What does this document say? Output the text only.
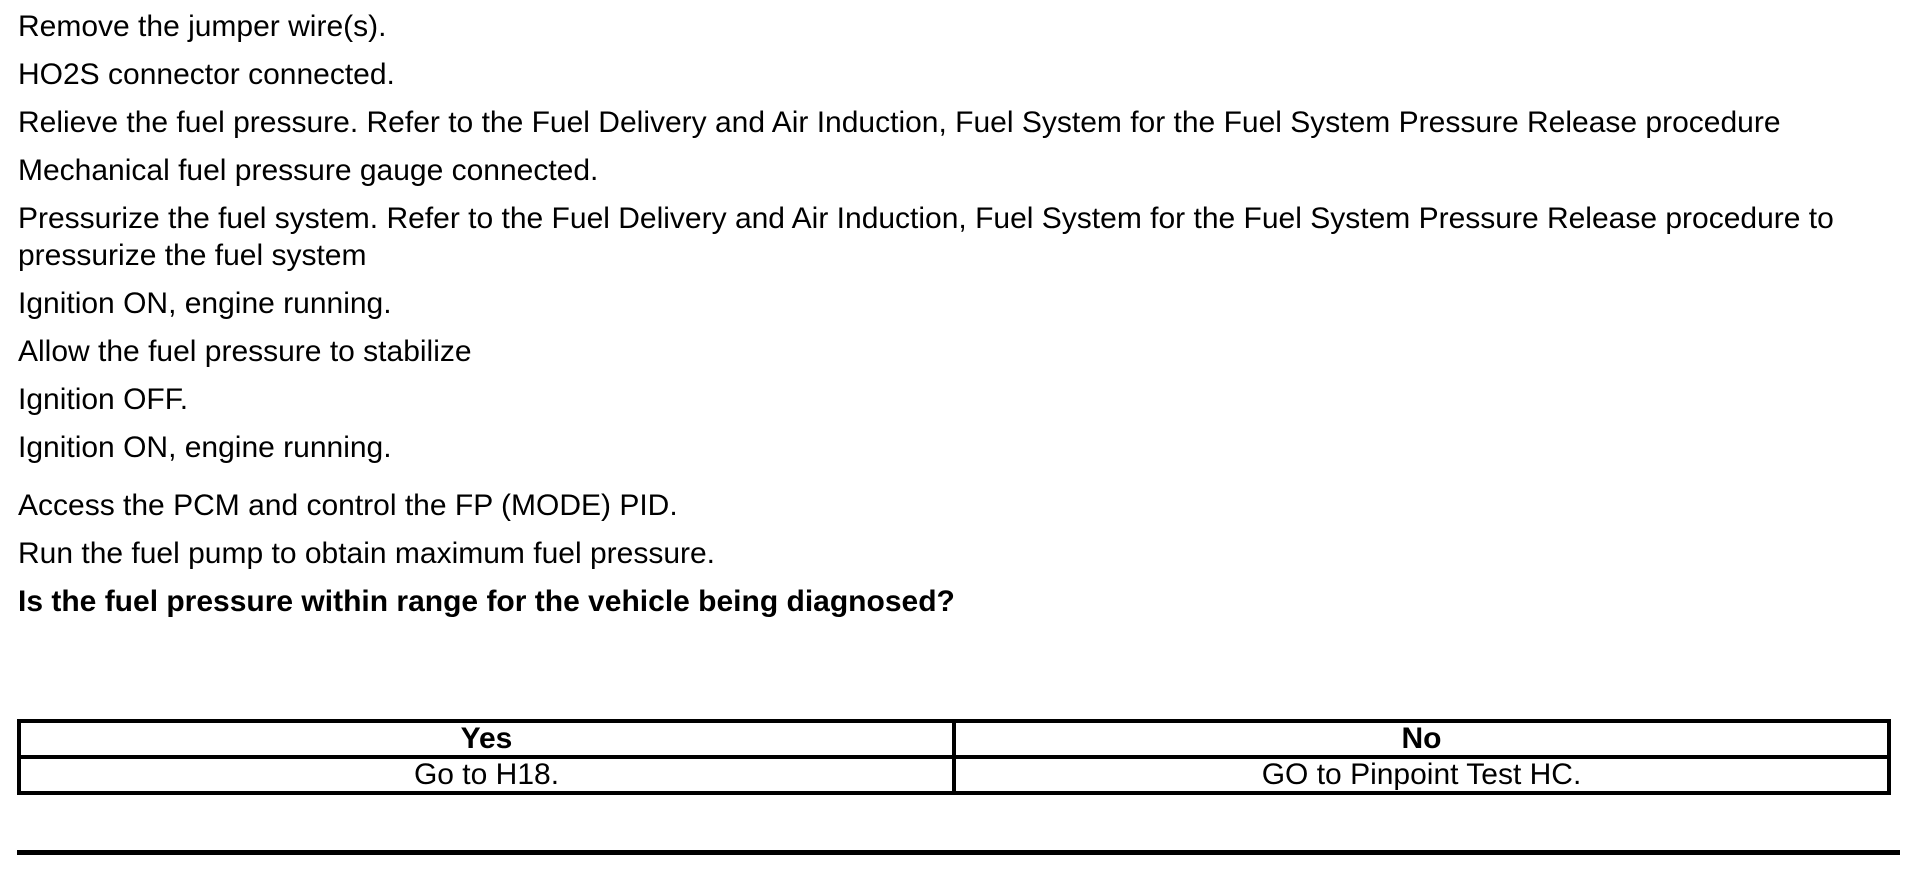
Remove the jumper wire(s).

HO2S connector connected.

Relieve the fuel pressure. Refer to the Fuel Delivery and Air Induction, Fuel System for the Fuel System Pressure Release procedure

Mechanical fuel pressure gauge connected.

Pressurize the fuel system. Refer to the Fuel Delivery and Air Induction, Fuel System for the Fuel System Pressure Release procedure to pressurize the fuel system

Ignition ON, engine running.

Allow the fuel pressure to stabilize

Ignition OFF.

Ignition ON, engine running.

Access the PCM and control the FP (MODE) PID.

Run the fuel pump to obtain maximum fuel pressure.

Is the fuel pressure within range for the vehicle being diagnosed?

Yes	No
Go to H18.	GO to Pinpoint Test HC.
